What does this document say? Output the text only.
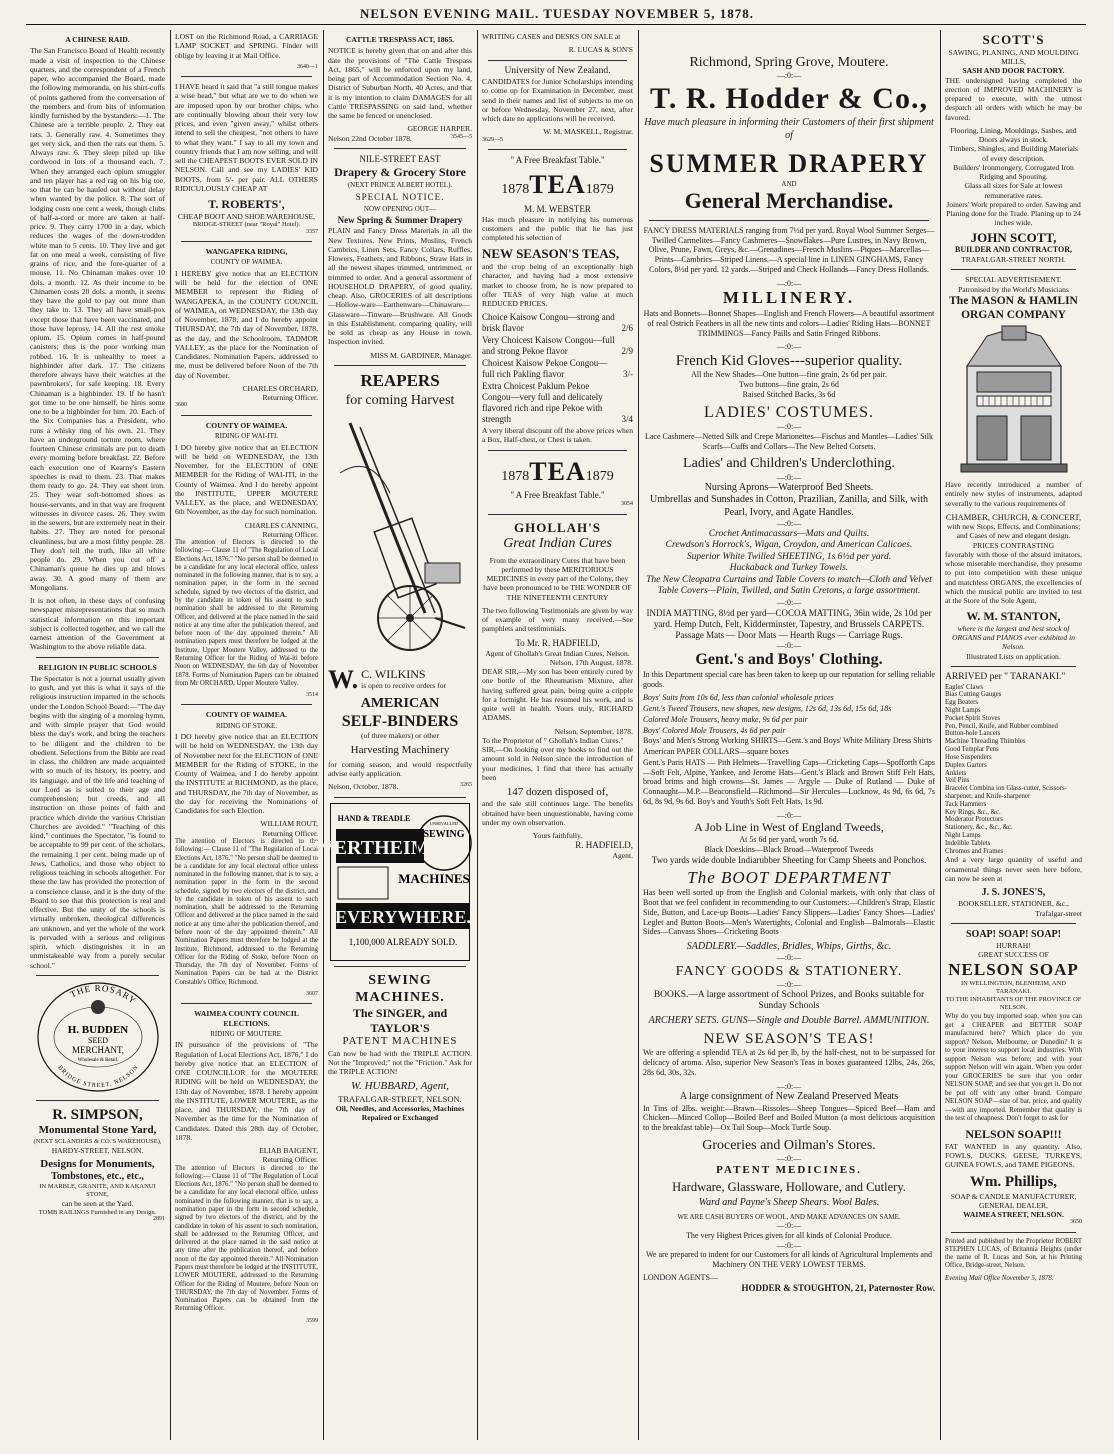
NELSON EVENING MAIL. TUESDAY NOVEMBER 5, 1878.
A CHINESE RAID.
The San Francisco Board of Health recently made a visit of inspection to the Chinese quarters, and the correspondent of a French paper, who accompanied the Board, made the following memoranda, on his shirt-cuffs of points gathered from the conversation of the members and from bits of information kindly furnished by the bystanders:—1. The Chinese are a terrible people. 2. They eat rats. 3. Generally raw. 4. Sometimes they get very sick, and then the rats eat them. 5. Always raw. 6. They sleep piled up like cordwood in lots of a thousand each. 7. When they arranged each opium smuggler and ten player has a red rag on his big toe, so that he can be hauled out without delay when wanted by the police. 8. The sort of lodging costs one cent a week, though clubs of half-a-cord or more are taken at half-price. 9. They carry 1700 in a day, which reduces the wages of the down-trodden white man to 5 cents. 10. They live and get fat on one meal a week, consisting of five grains of rice, and the fore-quarter of a mouse. 11. No Chinaman makes over 10 dols. a month. 12. As their income to be Chinamen costs 20 dols. a month, it seems they have the gold to pay out more than they take in. 13. They all have small-pox except those that have been vaccinated, and those have leprosy. 14. All the rest smoke opium. 15. Opium comes in half-pound canisters; thus is the poor working man robbed. 16. It is unhealthy to meet a highbinder after dark. 17. The citizens therefore always have their watches at the pawnbrokers', for safe keeping. 18. Every Chinaman is a highbinder. 19. If he hasn't got time to be one himself, he hires some one to be a highbinder for him. 20. Each of the Six Companies has a President, who runs a whisky ring of his own. 21. They have an underground torture room, where fourteen Chinese criminals are put to death every morning before breakfast. 22. Before each execution one of Kearny's Eastern speeches is read to them. 23. That makes them ready to go. 24. They eat sheet iron. 25. They wear soft-bottomed shoes as house-servants, and in that way are frequent witnesses in divorce cases. 26. They swim in the sewers, but are extremely neat in their habits. 27. They are noted for personal cleanliness, but are a most filthy people. 28. They don't tell the truth, like all white people do. 29. When you cut off a Chinaman's queue he dies up and blows away. 30. A good many of them are Mongolians.
It is not often, in these days of confusing newspaper misrepresentations that so much statistical information on this important subject is collected together, and we call the earnest attention of the Government at Washington to the above reliable data.
RELIGION IN PUBLIC SCHOOLS
The Spectator is not a journal usually given to gush, and yet this is what it says of the religious instruction imparted in the schools under the London School Board:—"The day begins with the singing of a morning hymn, and with simple prayer that God would bless the day's work, and bring the teachers to be diligent and the children to be obedient. Selections from the Bible are read in class, the children are made acquainted with so much of its history, its poetry, and its language, and of the life and teaching of our Lord as is suited to their age and comprehension; but creeds, and all instruction on those points of faith and practice which divide the various Christian Churches are avoided." "Teaching of this kind," continues the Spectator, "is found to be acceptable to 99 per cent. of the scholars, the remaining 1 per cent. being made up of Jews, Catholics, and those who object to religious teaching in schools altogether. For these the law has provided the protection of a conscience clause, and it is the duty of the Board to see that this protection is real and effective. But the unity of the schools is virtually unbroken, theological differences are unknown, and yet the whole of the work is pervaded with a serious and religious spirit, which distinguishes it in an unmistakeable way from a purely secular school."
THE ROSARY
BRIDGE STREET, NELSON
H. BUDDEN
SEED
MERCHANT,
Wholesale & Retail.
R. SIMPSON,
Monumental Stone Yard,
(NEXT SCLANDERS & CO.'S WAREHOUSE),
HARDY-STREET, NELSON.
Designs for Monuments,
Tombstones, etc., etc.,
IN MARBLE, GRANITE, AND KAKANUI STONE,
can be seen at the Yard.
TOMB RAILINGS Furnished in any Design.
2891
LOST on the Richmond Road, a CARRIAGE LAMP SOCKET and SPRING. Finder will oblige by leaving it at Mail Office.
3640—1
I HAVE heard it said that "a still tongue makes a wise head," but what are we to do when we are imposed upon by our brother chips, who are continually blowing about their very low prices, and even "given away," whilst others intend to sell the cheapest, "not others to have to what they want." I say to all my town and country friends that I am now selling, and will sell the CHEAPEST BOOTS EVER SOLD IN NELSON. Call and see my LADIES' KID BOOTS, from 5/- per pair. ALL OTHERS RIDICULOUSLY CHEAP AT
T. ROBERTS',
CHEAP BOOT AND SHOE WAREHOUSE,
BRIDGE-STREET (near "Royal" Hotel).
3357
WANGAPEKA RIDING,
COUNTY OF WAIMEA.
I HEREBY give notice that an ELECTION will be held for the election of ONE MEMBER to represent the Riding of WANGAPEKA, in the COUNTY COUNCIL of WAIMEA, on WEDNESDAY, the 13th day of November, 1878; and I do hereby appoint THURSDAY, the 7th day of November, 1878, as the day, and the Schoolroom, TADMOR VALLEY, as the place for the Nomination of Candidates. Nomination Papers, addressed to me, must be delivered before Noon of the 7th day of November.
CHARLES ORCHARD,
Returning Officer.
3600
COUNTY OF WAIMEA.
RIDING OF WAI-ITI.
I DO hereby give notice that an ELECTION will be held on WEDNESDAY, the 13th November, for the ELECTION of ONE MEMBER for the Riding of WAI-ITI, in the County of Waimea. And I do hereby appoint the INSTITUTE, UPPER MOUTERE VALLEY, as the place, and WEDNESDAY, 6th November, as the day for such nomination.
CHARLES CANNING,
Returning Officer.
The attention of Electors is directed to the following:— Clause 11 of "The Regulation of Local Elections Act, 1876." "No person shall be deemed to be a candidate for any local electoral office, unless nominated in the following manner, that is to say, a nomination paper, in the form in the second schedule, signed by two electors of the district, and by the candidate in token of his assent to such nomination shall be addressed to the Returning Officer, and delivered at the place named in the said notice at any time after the publication thereof, and before noon of the day appointed therein." All nomination papers must therefore be lodged at the Institute, Upper Moutere Valley, addressed to the Returning Officer for the Riding of Wai-iti before Noon on WEDNESDAY, the 6th day of November 1878. Forms of Nomination Papers can be obtained from Mr ORCHARD, Upper Moutere Valley.
3514
COUNTY OF WAIMEA.
RIDING OF STOKE.
I DO hereby give notice that an ELECTION will be held on WEDNESDAY, the 13th day of November next for the ELECTION of ONE MEMBER for the Riding of STOKE, in the County of Waimea, and I do hereby appoint the INSTITUTE at RICHMOND, as the place, and THURSDAY, the 7th day of November, as the day for receiving the Nominations of Candidates for such Election.
WILLIAM ROUT,
Returning Officer.
The attention of Electors is directed to the following:— Clause 11 of "The Regulation of Local Elections Act, 1876." "No person shall be deemed to be a candidate for any local electoral office unless nominated in the following manner, that is to say, a nomination paper in the form in the second schedule, signed by two electors of the district, and by the candidate in token of his assent to such nomination, shall be addressed to the Returning Officer and delivered at the place named in the said notice at any time after the publication thereof, and before noon of the day appointed therein." All Nomination Papers must therefore be lodged at the Institute, Richmond, addressed to the Returning Officer for the Riding of Stoke, before Noon on Thursday, the 7th day of November. Forms of Nomination Papers can be had at the District Constable's Office, Richmond.
3607
WAIMEA COUNTY COUNCIL ELECTIONS.
RIDING OF MOUTERE.
IN pursuance of the provisions of "The Regulation of Local Elections Act, 1876," I do hereby give notice that an ELECTION of ONE COUNCILLOR for the MOUTERE RIDING will be held on WEDNESDAY, the 13th day of November, 1878. I hereby appoint the INSTITUTE, LOWER MOUTERE, as the place, and THURSDAY, the 7th day of November as the time for the Nomination of Candidates. Dated this 28th day of October, 1878.
ELIAB BAIGENT,
Returning Officer.
The attention of Electors is directed to the following:— Clause 11 of "The Regulation of Local Elections Act, 1876." "No person shall be deemed to be a candidate for any local electoral office, unless nominated in the following manner, that is to say, a nomination paper in the form in second schedule, signed by two electors of the district, and by the candidate in token of his assent to such nomination, shall be addressed to the Returning Officer, and delivered at the place named in the said notice at any time after the publication thereof, and before noon of the day appointed therein." All Nomination Papers must therefore be lodged at the INSTITUTE, LOWER MOUTERE, addressed to the Returning Officer for the Riding of Moutere, before Noon on THURSDAY, the 7th day of November. Forms of Nomination Papers can be obtained from the Returning Officer.
3599
CATTLE TRESPASS ACT, 1865.
NOTICE is hereby given that on and after this date the provisions of "The Cattle Trespass Act, 1865," will be enforced upon my land, being part of Accommodation Section No. 4, District of Suburban North, 40 Acres, and that it is my intention to claim DAMAGES for all Cattle TRESPASSING on said land, whether the same be fenced or unenclosed.
GEORGE HARPER.
Nelson 22nd October 1878.	3545—5
NILE-STREET EAST
Drapery & Grocery Store
(NEXT PRINCE ALBERT HOTEL).
SPECIAL NOTICE.
NOW OPENING OUT—
New Spring & Summer Drapery
PLAIN and Fancy Dress Materials in all the New Textures. New Prints, Muslins, French Cambrics, Linen Sets, Fancy Collars, Ruffles, Flowers, Feathers, and Ribbons, Straw Hats in all the newest shapes trimmed, untrimmed, or trimmed to order. And a general assortment of HOUSEHOLD DRAPERY, of good quality, cheap. Also, GROCERIES of all descriptions—Hollow-ware—Earthenware—Chinaware—Glassware—Tinware—Brushware. All Goods in this Establishment, comparing quality, will be sold as cheap as any House in town. Inspection invited.
MISS M. GARDINER, Manager.
REAPERS
for coming Harvest
W. C. WILKINS
is open to receive orders for
AMERICAN
SELF-BINDERS
(of three makers) or other
Harvesting Machinery
for coming season, and would respectfully advise early application.
Nelson, October, 1878.	3265
HAND & TREADLE
WERTHEIM'S
UNRIVALLED
SEWING
MACHINES
EVERYWHERE.
1,100,000 ALREADY SOLD.
SEWING MACHINES.
The SINGER, and TAYLOR'S
PATENT MACHINES
Can now be had with the TRIPLE ACTION. Not the "Improved;" not the "Friction." Ask for the TRIPLE ACTION!
W. HUBBARD, Agent,
TRAFALGAR-STREET, NELSON.
Oil, Needles, and Accessories, Machines Repaired or Exchanged
WRITING CASES and DESKS ON SALE at
R. LUCAS & SON'S
University of New Zealand.
CANDIDATES for Junior Scholarships intending to come up for Examination in December, must send in their names and list of subjects to me on or before Wednesday, November 27, next, after which date no applications will be received.
W. M. MASKELL, Registrar.
3629—5
" A Free Breakfast Table."
1878TEA1879
M. M. WEBSTER
Has much pleasure in notifying his numerous customers and the public that he has just completed his selection of
NEW SEASON'S TEAS,
and the crop being of an exceptionally high character, and having had a most extensive market to choose from, he is now prepared to offer TEAS of very high value at much REDUCED PRICES.
Choice Kaisow Congou—strong and brisk flavor	2/6
Very Choicest Kaisow Congou—full and strong Pekoe flavor	2/9
Choicest Kaisow Pekoe Congou—full rich Pakling flavor	3/-
Extra Choicest Paklum Pekoe Congou—very full and delicately flavored rich and ripe Pekoe with strength	3/4
A very liberal discount off the above prices when a Box, Half-chest, or Chest is taken.
1878TEA1879
" A Free Breakfast Table."
3054
GHOLLAH'S
Great Indian Cures
From the extraordinary Cures that have been performed by these MERITORIOUS MEDICINES in every part of the Colony, they have been pronounced to be THE WONDER OF THE NINETEENTH CENTURY
The two following Testimonials are given by way of example of very many received.—See pamphlets and testimonials.
To Mr. R. HADFIELD,
Agent of Ghollah's Great Indian Cures, Nelson.
Nelson, 17th August, 1878.
DEAR SIR,—My son has been entirely cured by one bottle of the Rheumatism Mixture, after having suffered great pain, being quite a cripple for a fortnight. He has resumed his work, and is quite well in health. Yours truly, RICHARD ADAMS.
Nelson, September, 1878.
To the Proprietor of " Ghollah's Indian Cures."
SIR,—On looking over my books to find out the amount sold in Nelson since the introduction of your medicines, I find that there has actually been
147 dozen disposed of,
and the sale still continues large. The benefits obtained have been unquestionable, having come under my own observation.
Yours faithfully,
R. HADFIELD,
Agent.
Richmond, Spring Grove, Moutere.
—:0:—
T. R. Hodder & Co.,
Have much pleasure in informing their Customers of their first shipment of
SUMMER DRAPERY
AND
General Merchandise.
FANCY DRESS MATERIALS ranging from 7½d per yard. Royal Wool Summer Serges—Twilled Carmelites—Fancy Cashmeres—Snowflakes—Pure Lustres, in Navy Brown, Olive, Prune, Fawn, Greys, &c.—Grenadines—French Muslins—Piques—Marcellas—Prints—Cambrics—Striped Linens.—A special line in LINEN GINGHAMS, Fancy Colors, 8½d per yard. 12 yards.—Striped and Check Hollands—Fancy Dress Hollands.
—:0:—
MILLINERY.
Hats and Bonnets—Bonnet Shapes—English and French Flowers—A beautiful assortment of real Ostrich Feathers in all the new tints and colors—Ladies' Riding Hats—BONNET TRIMMINGS—Fancy Paills and Satin Fringed Ribbons.
—:0:—
French Kid Gloves---superior quality.
All the New Shades—One button—fine grain, 2s 6d per pair.
Two buttons—fine grain, 2s 6d
Raised Stitched Backs, 3s 6d
LADIES' COSTUMES.
—:0:—
Lace Cashmere—Netted Silk and Crepe Marionettes—Fischus and Mantles—Ladies' Silk Scarfs—Cuffs and Collars—The New Belted Corsets.
Ladies' and Children's Underclothing.
—:0:—
Nursing Aprons—Waterproof Bed Sheets.
Umbrellas and Sunshades in Cotton, Prazilian, Zanilla, and Silk, with Pearl, Ivory, and Agate Handles.
—:0:—
Crochet Antimacassars—Mats and Quilts.
Crewdson's Horrock's, Wigan, Croydon, and American Calicoes.
Superior White Twilled SHEETING, 1s 6½d per yard.
Huckaback and Turkey Towels.
The New Cleopatra Curtains and Table Covers to match—Cloth and Velvet Table Covers—Plain, Twilled, and Satin Cretons, a large assortment.
—:0:—
INDIA MATTING, 8½d per yard—COCOA MATTING, 36in wide, 2s 10d per yard. Hemp Dutch, Felt, Kidderminster, Tapestry, and Brussels CARPETS. Passage Mats — Door Mats — Hearth Rugs — Carriage Rugs.
—:0:—
Gent.'s and Boys' Clothing.
In this Department special care has been taken to keep up our reputation for selling reliable goods.
Boys' Suits from 10s 6d, less than colonial wholesale prices
Gent.'s Tweed Trousers, new shapes, new designs, 12s 6d, 13s 6d, 15s 6d, 18s
Colored Mole Trousers, heavy make, 9s 6d per pair
Boys' Colored Mole Trousers, 4s 6d per pair
Boys' and Men's Strong Working SHIRTS—Gent.'s and Boys' White Military Dress Shirts
American PAPER COLLARS—square boxes
Gent.'s Paris HATS — Pith Helmets—Travelling Caps—Cricketing Caps—Spofforth Caps—Soft Felt, Alpine, Yankee, and Jerome Hats—Gent.'s Black and Brown Stiff Felt Hats, broad brims and high crowns—St. James — Argyle — Duke of Rutland — Duke of Connaught—M.P.—Beaconsfield—Richmond—Sir Hercules—Lucknow, 4s 9d, 6s 6d, 7s 6d, 8s 9d, 9s 6d. Boy's and Youth's Soft Felt Hats, 1s 9d.
—:0:—
A Job Line in West of England Tweeds,
At 5s 6d per yard, worth 7s 6d.
Black Doeskins—Black Broad—Waterproof Tweeds
Two yards wide double Indiarubber Sheeting for Camp Sheets and Ponchos.
The BOOT DEPARTMENT
Has been well sorted up from the English and Colonial markets, with only that class of Boot that we feel confident in recommending to our Customers:—Children's Strap, Elastic Side, Button, and Lace-up Boots—Ladies' Fancy Slippers—Ladies' Fancy Shoes—Ladies' Leglet and Button Boots—Men's Watertights, Colonial and English—Balmorals—Elastic Sides—Canvass Shoes—Cricketing Boots
SADDLERY.—Saddles, Bridles, Whips, Girths, &c.
—:0:—
FANCY GOODS & STATIONERY.
—:0:—
BOOKS.—A large assortment of School Prizes, and Books suitable for Sunday Schools
ARCHERY SETS. GUNS—Single and Double Barrel. AMMUNITION.
NEW SEASON'S TEAS!
We are offering a splendid TEA at 2s 6d per lb, by the half-chest, not to be surpassed for delicacy of aroma. Also, superior New Season's Teas in boxes guaranteed 12lbs, 24s, 26s, 28s 6d, 30s, 32s.
—:0:—
A large consignment of New Zealand Preserved Meats
In Tins of 2lbs. weight:—Brawn—Rissoles—Sheep Tongues—Spiced Beef—Ham and Chicken—Minced Collop—Boiled Beef and Boiled Mutton (a most delicious acquisition to the breakfast table)—Ox Tail Soup—Mock Turtle Soup.
Groceries and Oilman's Stores.
—:0:—
PATENT MEDICINES.
Hardware, Glassware, Holloware, and Cutlery.
Ward and Payne's Sheep Shears. Wool Bales.
WE ARE CASH BUYERS OF WOOL, AND MAKE ADVANCES ON SAME.
—:0:—
The very Highest Prices given for all kinds of Colonial Produce.
—:0:—
We are prepared to indent for our Customers for all kinds of Agricultural Implements and Machinery ON THE VERY LOWEST TERMS.
LONDON AGENTS—
HODDER & STOUGHTON, 21, Paternoster Row.
SCOTT'S
SAWING, PLANING, AND MOULDING MILLS,
SASH AND DOOR FACTORY.
THE undersigned having completed the erection of IMPROVED MACHINERY is prepared to execute, with the utmost despatch all orders with which he may be favored.
Flooring, Lining, Mouldings, Sashes, and Doors always in stock.
Timbers, Shingles, and Building Materials of every description.
Builders' Ironmongery, Corrugated Iron Ridging and Spouting.
Glass all sizes for Sale at lowest remunerative rates.
Joiners' Work prepared to order. Sawing and Planing done for the Trade. Planing up to 24 inches wide.
JOHN SCOTT,
BUILDER AND CONTRACTOR,
TRAFALGAR-STREET NORTH.
SPECIAL ADVERTISEMENT.
Patronised by the World's Musicians
The MASON & HAMLIN ORGAN COMPANY
Have recently introduced a number of entirely new styles of instruments, adapted severally to the various requirements of
CHAMBER, CHURCH, & CONCERT,
with new Stops, Effects, and Combinations; and Cases of new and elegant design.
PRICES CONTRASTING
favorably with those of the absurd imitators, whose miserable merchandise, they presume to put into competition with these unique and matchless ORGANS, the excellencies of which the musical public are invited to test at the Store of the Sole Agent,
W. M. STANTON,
where is the largest and best stock of ORGANS and PIANOS ever exhibited in Nelson.
Illustrated Lists on application.
ARRIVED per " TARANAKI."
Eagles' Claws
Bias Cutting Gauges
Egg Beaters
Night Lamps
Pocket Spirit Stoves
Pen, Pencil, Knife, and Rubber combined
Button-hole Lancets
Machine Threading Thimbles
Good Templar Pens
Hose Suspenders
Duplex Garters
Anklets
Veil Pins
Bracelet Combina ion Glass-cutter, Scissors-sharpener, and Knife-sharpener
Tack Hammers
Key Rings, &c., &c.
Moderator Protectors
Stationery, &c., &c., &c.
Night Lamps
Indelible Tablets
Chromos and Frames
And a very large quantity of useful and ornamental things never seen here before, can now be seen at
J. S. JONES'S,
BOOKSELLER, STATIONER, &c.,
Trafalgar-street
SOAP! SOAP! SOAP!
HURRAH!
GREAT SUCCESS OF
NELSON SOAP
IN WELLINGTON, BLENHEIM, AND TARANAKI.
TO THE INHABITANTS OF THE PROVINCE OF NELSON.
Why do you buy imported soap, when you can get a CHEAPER and BETTER SOAP manufactured here? Which place do you support? Nelson, Melbourne, or Dunedin? It is to your interest to support local industries. With support Nelson was before; and with your support Nelson will win again. When you order your GROCERIES be sure that you order NELSON SOAP, and see that you get it. Do not be put off with any other brand. Compare NELSON SOAP—size of bar, price, and quality—with any imported. Remember that quality is the test of cheapness. Don't forget to ask for
NELSON SOAP!!!
FAT WANTED in any quantity. Also, FOWLS, DUCKS, GEESE, TURKEYS, GUINEA FOWLS, and TAME PIGEONS.
Wm. Phillips,
SOAP & CANDLE MANUFACTURER, GENERAL DEALER,
WAIMEA STREET, NELSON.
3650
Printed and published by the Proprietor ROBERT STEPHEN LUCAS, of Britannia Heights (under the name of R. Lucas and Son, at his Printing Office, Bridge-street, Nelson.
Evening Mail Office November 5, 1878.
